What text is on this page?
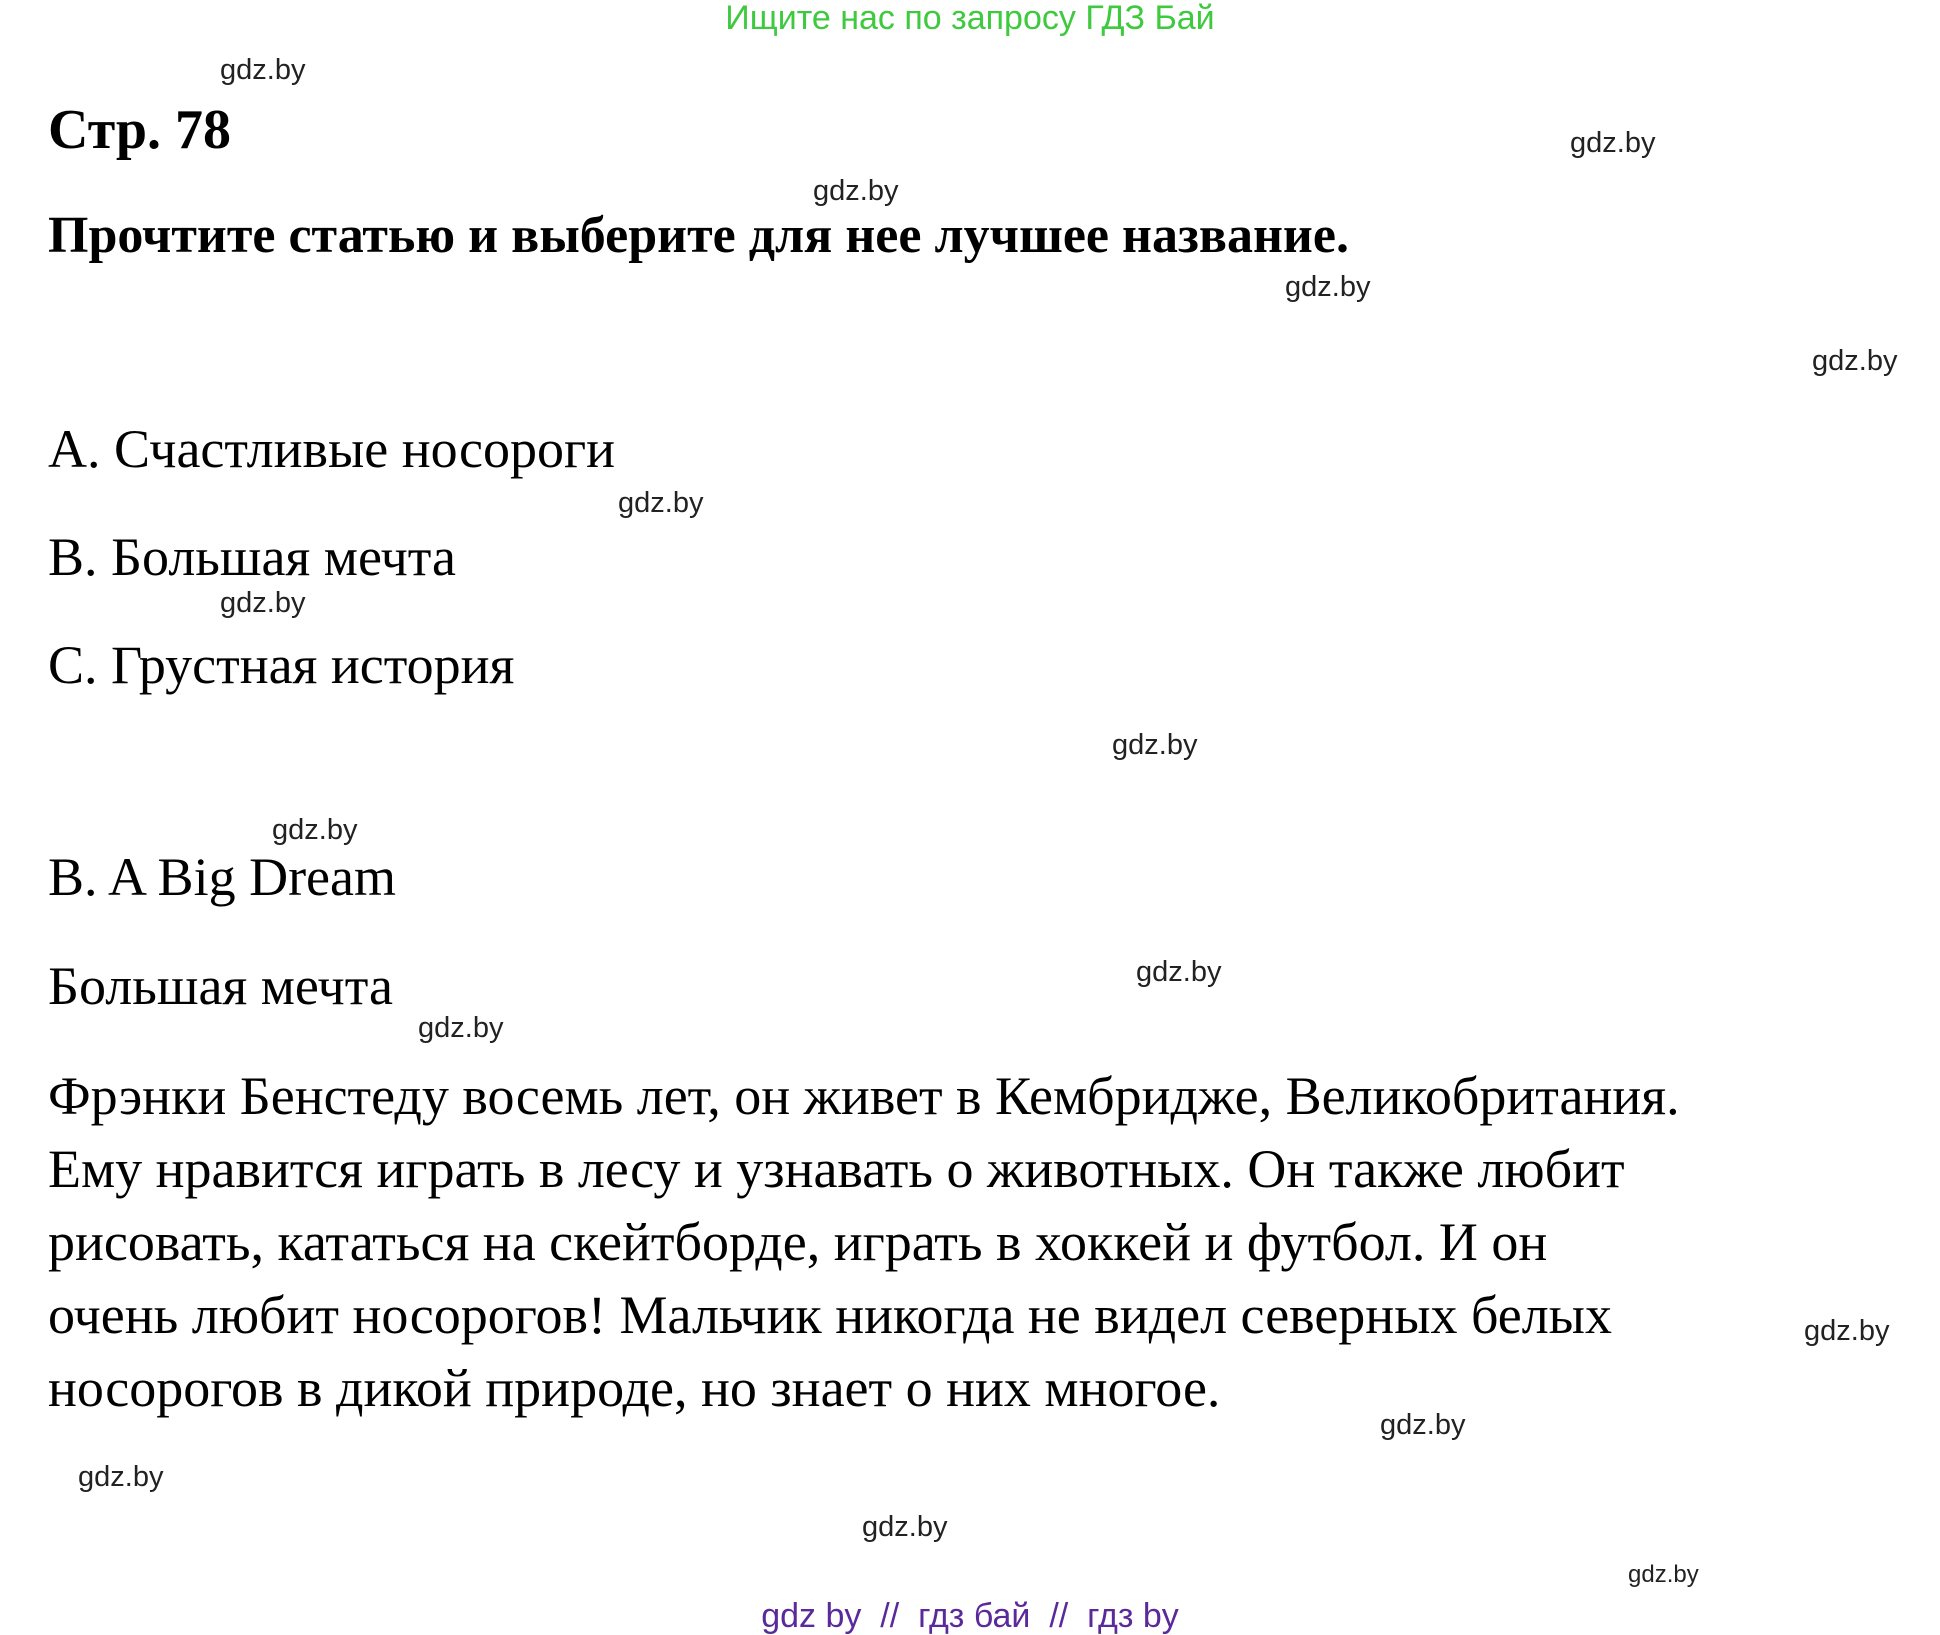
Ищите нас по запросу ГДЗ Бай
Стр. 78
Прочтите статью и выберите для нее лучшее название.
A. Счастливые носороги
B. Большая мечта
C. Грустная история
B. A Big Dream
Большая мечта
Фрэнки Бенстеду восемь лет, он живет в Кембридже, Великобритания.
Ему нравится играть в лесу и узнавать о животных. Он также любит
рисовать, кататься на скейтборде, играть в хоккей и футбол. И он
очень любит носорогов! Мальчик никогда не видел северных белых
носорогов в дикой природе, но знает о них многое.
gdz.by
gdz.by
gdz.by
gdz.by
gdz.by
gdz.by
gdz.by
gdz.by
gdz.by
gdz.by
gdz.by
gdz.by
gdz.by
gdz.by
gdz.by
gdz.by
gdz by  //  гдз бай  //  гдз by
